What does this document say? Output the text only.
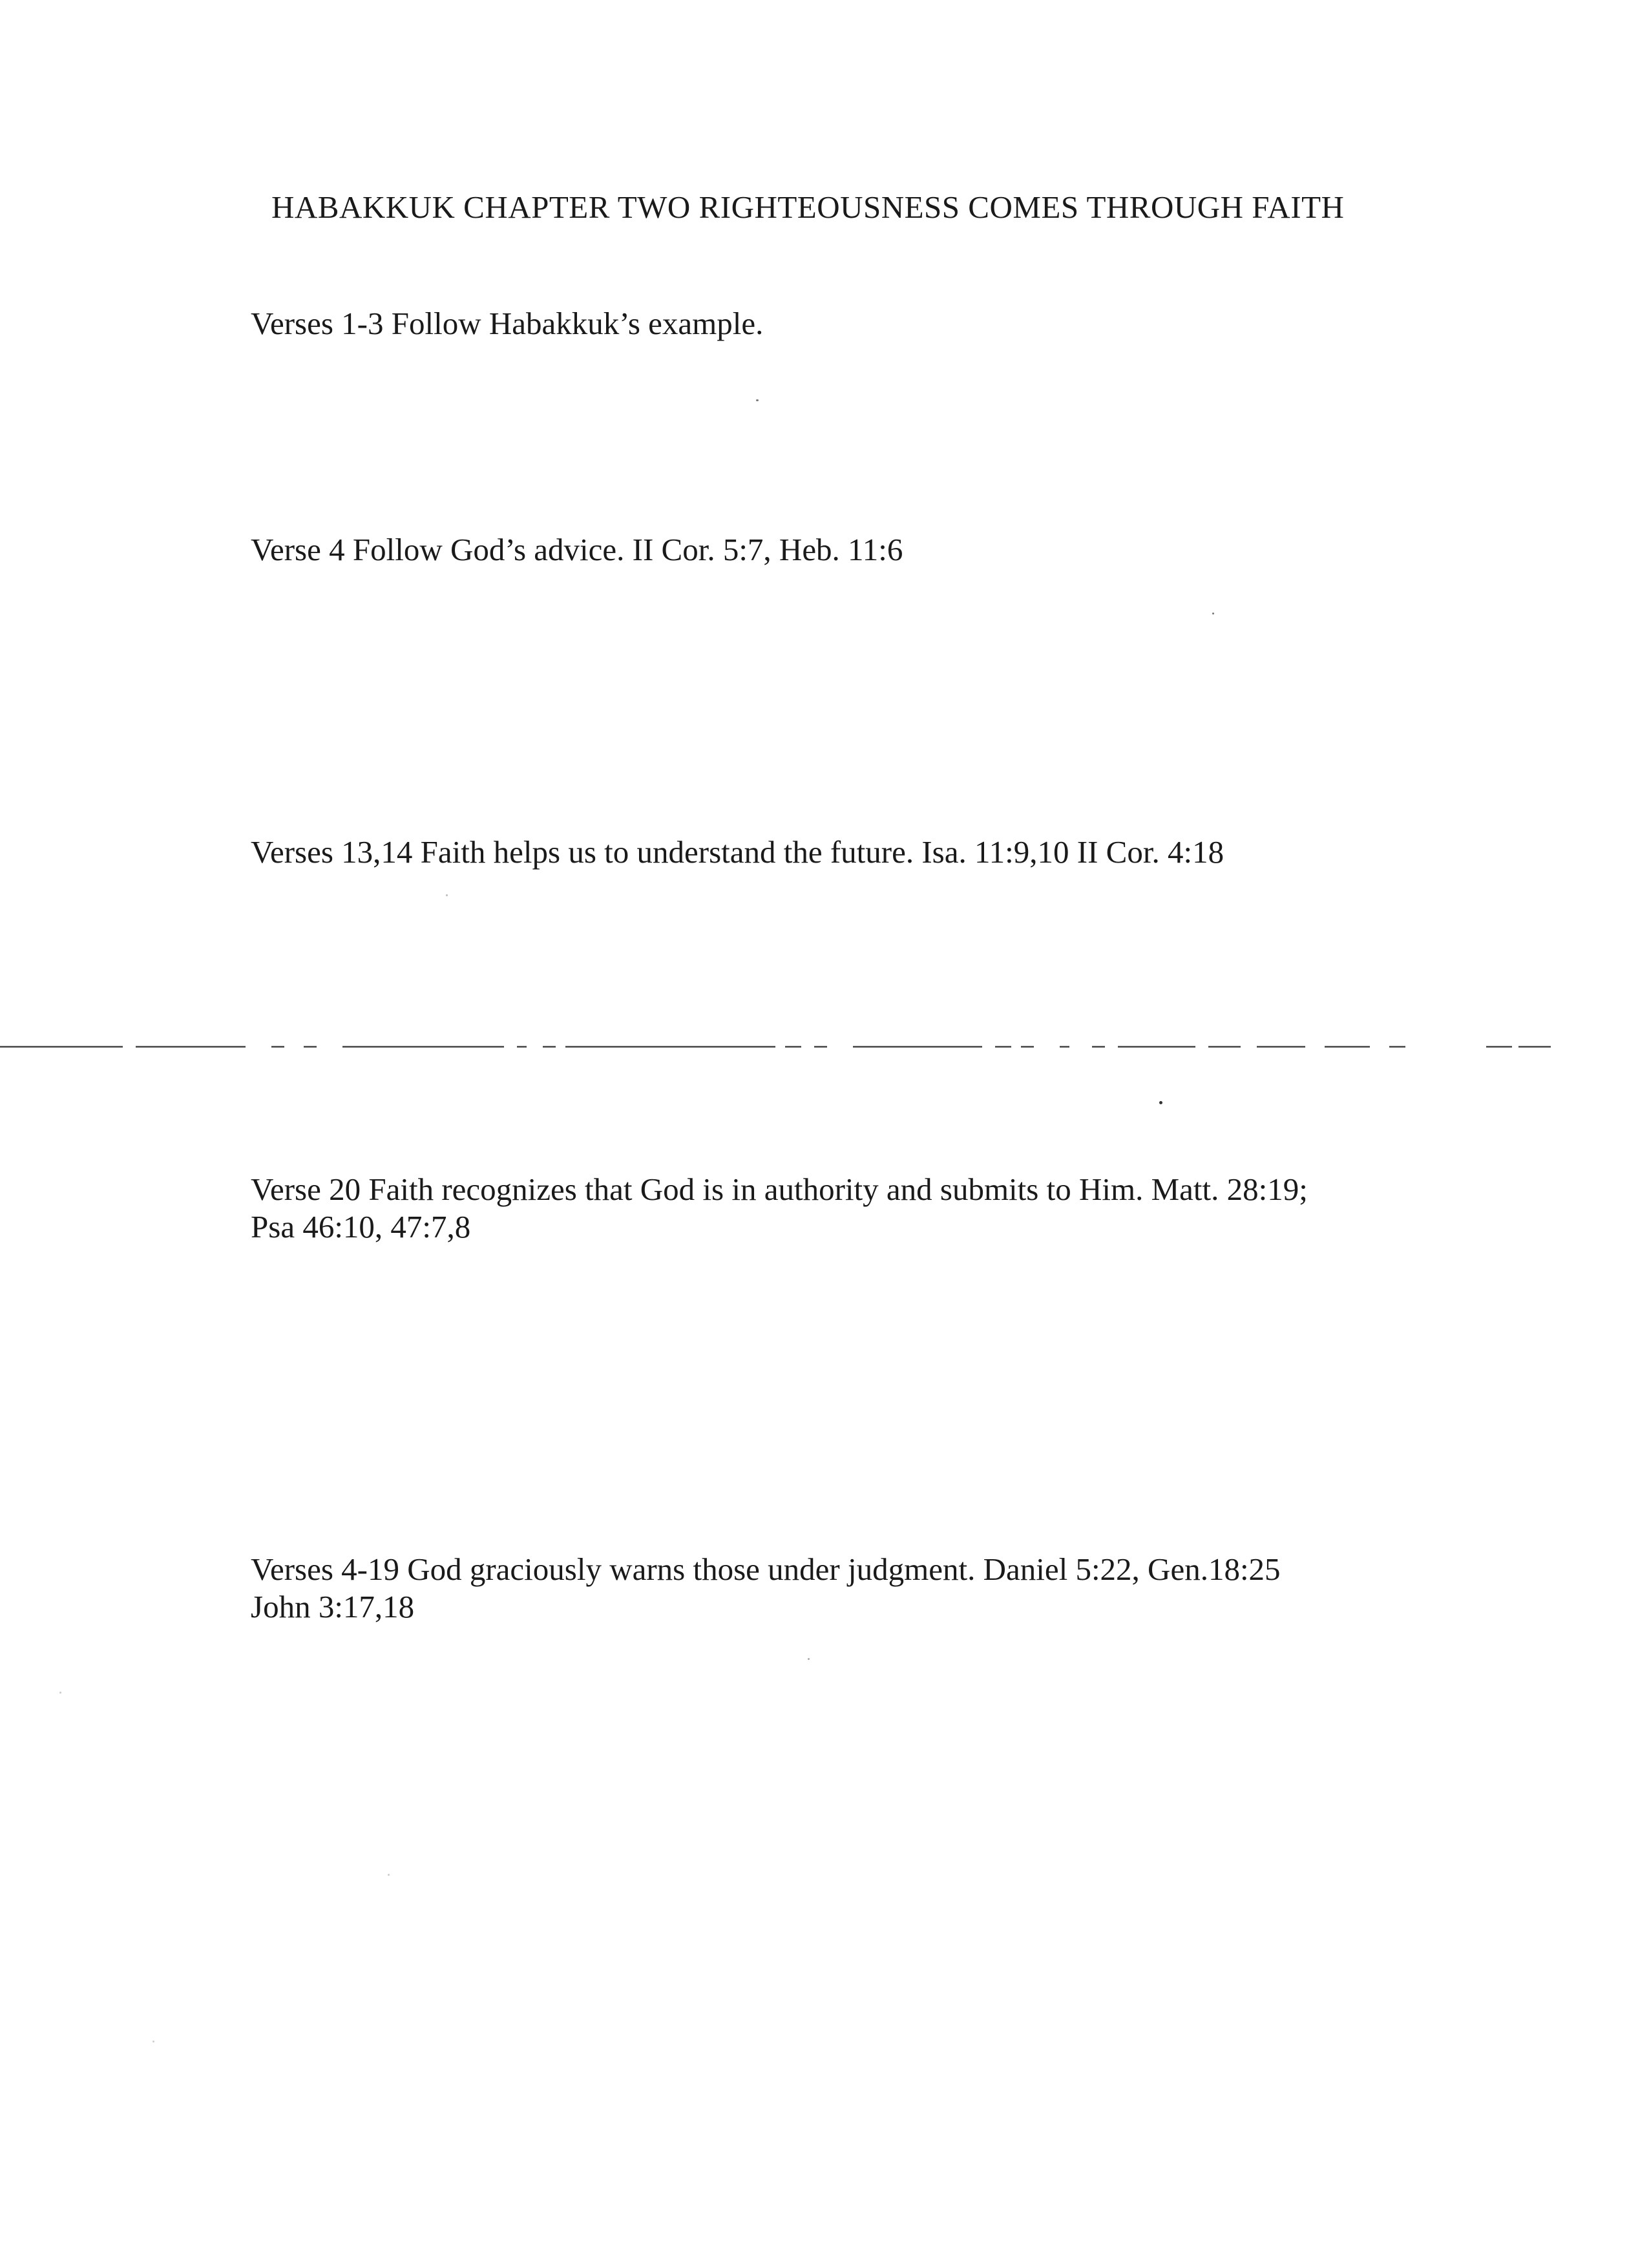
HABAKKUK CHAPTER TWO RIGHTEOUSNESS COMES THROUGH FAITH
Verses 1-3 Follow Habakkuk’s example.
Verse 4 Follow God’s advice. II Cor. 5:7, Heb. 11:6
Verses 13,14 Faith helps us to understand the future. Isa. 11:9,10 II Cor. 4:18
Verse 20 Faith recognizes that God is in authority and submits to Him. Matt. 28:19;
Psa 46:10, 47:7,8
Verses 4-19 God graciously warns those under judgment. Daniel 5:22, Gen.18:25
John 3:17,18
